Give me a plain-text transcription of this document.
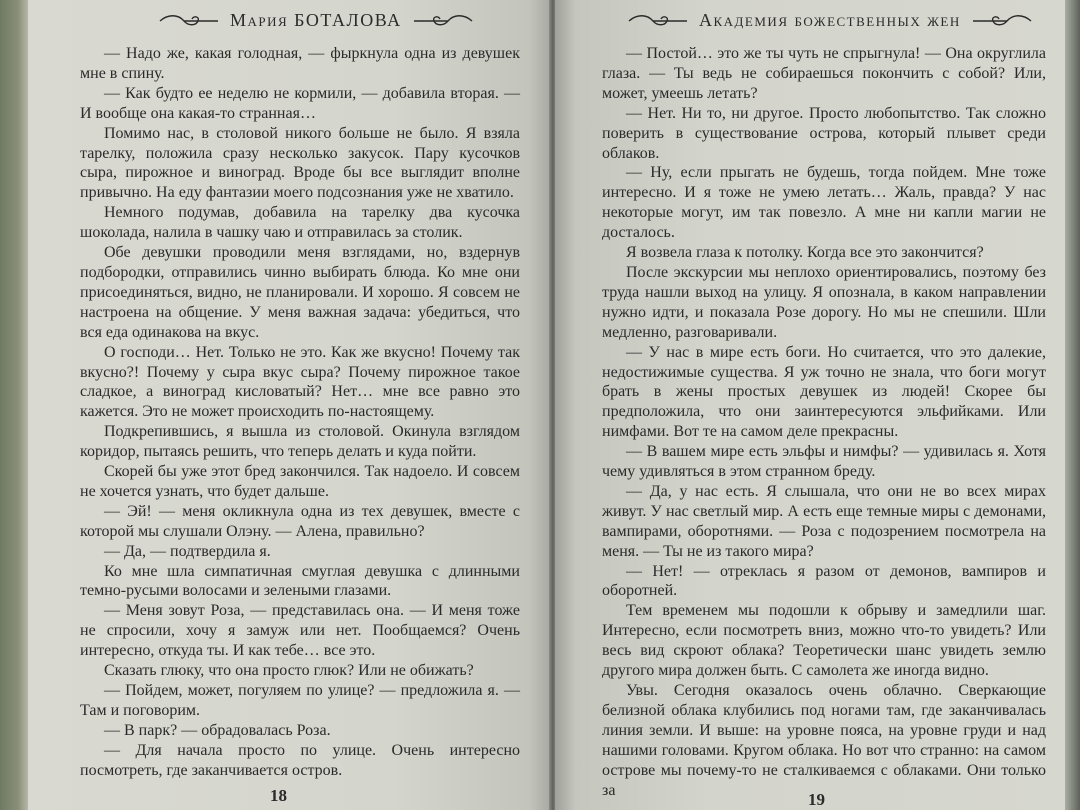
Мария БОТАЛОВА

— Надо же, какая голодная, — фыркнула одна из девушек мне в спину.

— Как будто ее неделю не кормили, — добавила вторая. — И вообще она какая-то странная…

Помимо нас, в столовой никого больше не было. Я взяла тарелку, положила сразу несколько закусок. Пару кусочков сыра, пирожное и виноград. Вроде бы все выглядит вполне привычно. На еду фантазии моего подсознания уже не хватило.

Немного подумав, добавила на тарелку два кусочка шоколада, налила в чашку чаю и отправилась за столик.

Обе девушки проводили меня взглядами, но, вздернув подбородки, отправились чинно выбирать блюда. Ко мне они присоединяться, видно, не планировали. И хорошо. Я совсем не настроена на общение. У меня важная задача: убедиться, что вся еда одинакова на вкус.

О господи… Нет. Только не это. Как же вкусно! Почему так вкусно?! Почему у сыра вкус сыра? Почему пирожное такое сладкое, а виноград кисловатый? Нет… мне все равно это кажется. Это не может происходить по-настоящему.

Подкрепившись, я вышла из столовой. Окинула взглядом коридор, пытаясь решить, что теперь делать и куда пойти.

Скорей бы уже этот бред закончился. Так надоело. И совсем не хочется узнать, что будет дальше.

— Эй! — меня окликнула одна из тех девушек, вместе с которой мы слушали Олэну. — Алена, правильно?

— Да, — подтвердила я.

Ко мне шла симпатичная смуглая девушка с длинными темно-русыми волосами и зелеными глазами.

— Меня зовут Роза, — представилась она. — И меня тоже не спросили, хочу я замуж или нет. Пообщаемся? Очень интересно, откуда ты. И как тебе… все это.

Сказать глюку, что она просто глюк? Или не обижать?

— Пойдем, может, погуляем по улице? — предложила я. — Там и поговорим.

— В парк? — обрадовалась Роза.

— Для начала просто по улице. Очень интересно посмотреть, где заканчивается остров.

18
Академия божественных жен

— Постой… это же ты чуть не спрыгнула! — Она округлила глаза. — Ты ведь не собираешься покончить с собой? Или, может, умеешь летать?

— Нет. Ни то, ни другое. Просто любопытство. Так сложно поверить в существование острова, который плывет среди облаков.

— Ну, если прыгать не будешь, тогда пойдем. Мне тоже интересно. И я тоже не умею летать… Жаль, правда? У нас некоторые могут, им так повезло. А мне ни капли магии не досталось.

Я возвела глаза к потолку. Когда все это закончится?

После экскурсии мы неплохо ориентировались, поэтому без труда нашли выход на улицу. Я опознала, в каком направлении нужно идти, и показала Розе дорогу. Но мы не спешили. Шли медленно, разговаривали.

— У нас в мире есть боги. Но считается, что это далекие, недостижимые существа. Я уж точно не знала, что боги могут брать в жены простых девушек из людей! Скорее бы предположила, что они заинтересуются эльфийками. Или нимфами. Вот те на самом деле прекрасны.

— В вашем мире есть эльфы и нимфы? — удивилась я. Хотя чему удивляться в этом странном бреду.

— Да, у нас есть. Я слышала, что они не во всех мирах живут. У нас светлый мир. А есть еще темные миры с демонами, вампирами, оборотнями. — Роза с подозрением посмотрела на меня. — Ты не из такого мира?

— Нет! — отреклась я разом от демонов, вампиров и оборотней.

Тем временем мы подошли к обрыву и замедлили шаг. Интересно, если посмотреть вниз, можно что-то увидеть? Или весь вид скроют облака? Теоретически шанс увидеть землю другого мира должен быть. С самолета же иногда видно.

Увы. Сегодня оказалось очень облачно. Сверкающие белизной облака клубились под ногами там, где заканчивалась линия земли. И выше: на уровне пояса, на уровне груди и над нашими головами. Кругом облака. Но вот что странно: на самом острове мы почему-то не сталкиваемся с облаками. Они только за	19
